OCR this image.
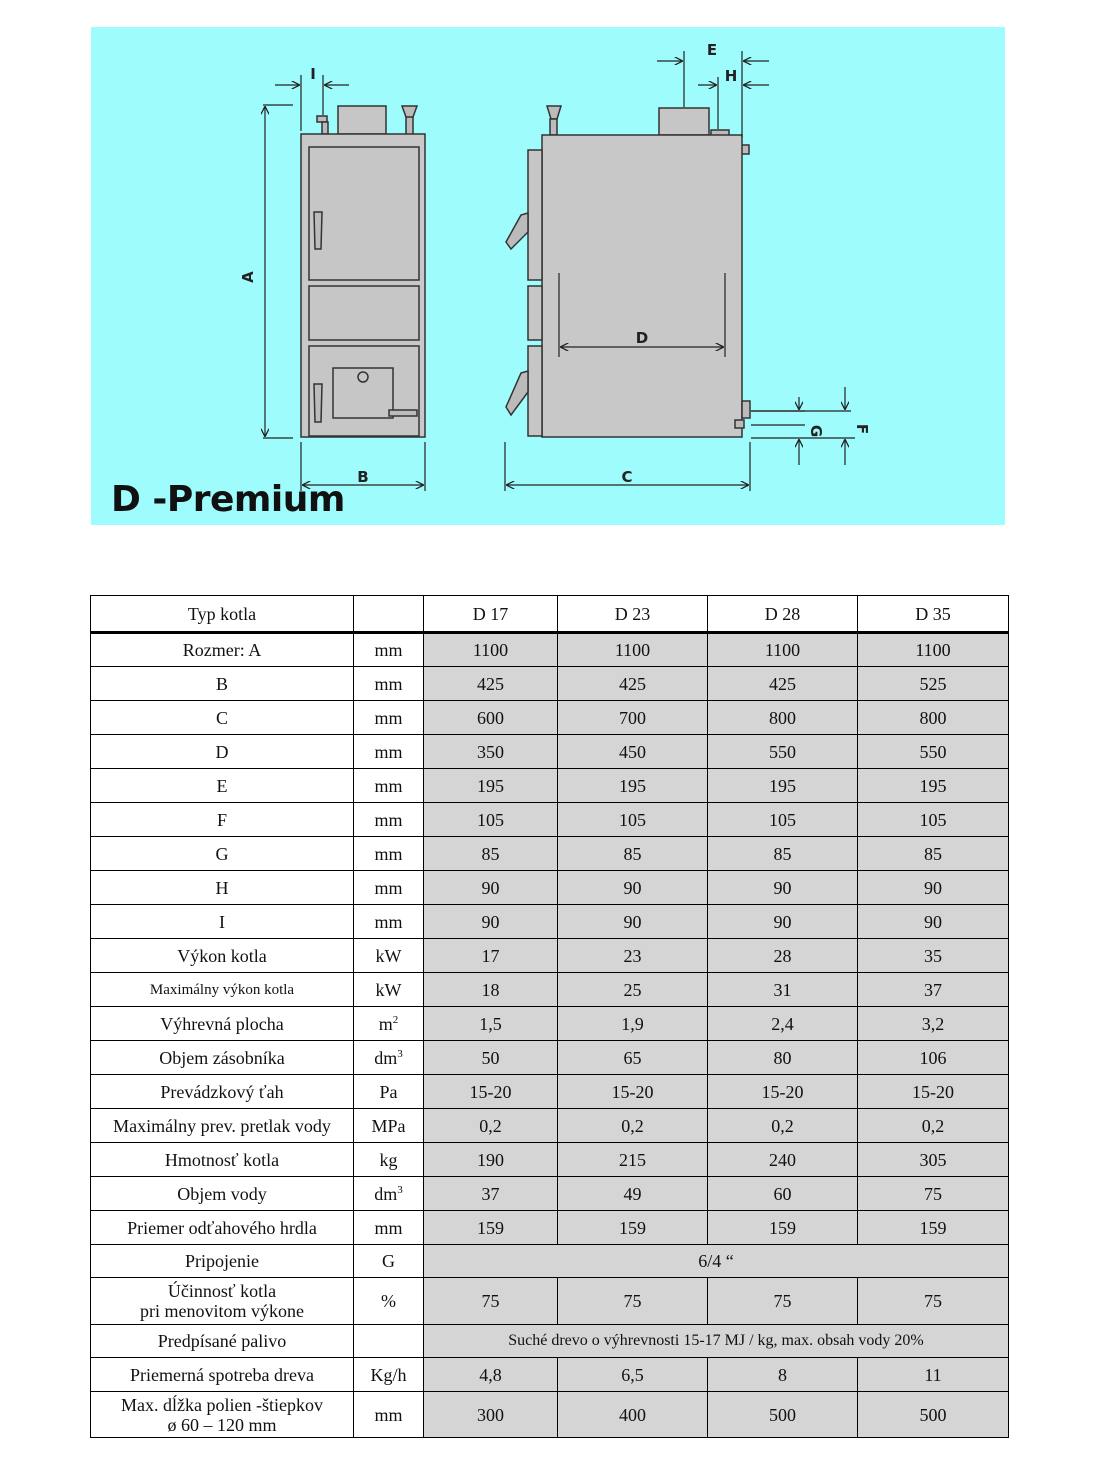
A
B	C
D
E
F
G
H
I
D -Premium
Typ kotla		D 17	D 23	D 28	D 35
Rozmer: A	mm	1100	1100	1100	1100
B	mm	425	425	425	525
C	mm	600	700	800	800
D	mm	350	450	550	550
E	mm	195	195	195	195
F	mm	105	105	105	105
G	mm	85	85	85	85
H	mm	90	90	90	90
I	mm	90	90	90	90
Výkon kotla	kW	17	23	28	35
Maximálny výkon kotla	kW	18	25	31	37
Výhrevná plocha	$m^2$	1,5	1,9	2,4	3,2
Objem zásobníka	$dm^3$	50	65	80	106
Prevádzkový ťah	Pa	15-20	15-20	15-20	15-20
Maximálny prev. pretlak vody	MPa	0,2	0,2	0,2	0,2
Hmotnosť kotla	kg	190	215	240	305
Objem vody	$dm^3$	37	49	60	75
Priemer odťahového hrdla	mm	159	159	159	159
Pripojenie	G	6/4 “			

Účinnosť kotla
pri menovitom výkone	%	75	75	75	75
Predpísané palivo		Suché drevo o výhrevnosti 15-17 MJ / kg, max. obsah vody 20%			
Priemerná spotreba dreva	Kg/h	4,8	6,5	8	11

Max. dĺžka polien -štiepkov
ø 60 – 120 mm	mm	300	400	500	500
